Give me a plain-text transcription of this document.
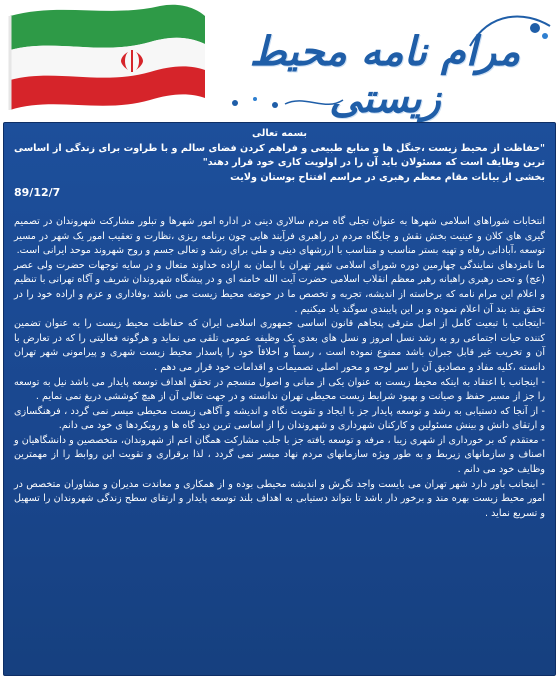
مرام نامه محیط زیستی
بسمه تعالی
"حفاظت از محیط زیست ،جنگل ها و منابع طبیعی و فراهم کردن فضای سالم و با طراوت برای زندگی از اساسی ترین وظایف است که مسئولان باید آن را در اولویت کاری خود قرار دهند"
بخشی از بیانات مقام معظم رهبری در مراسم افتتاح بوستان ولایت
89/12/7
انتخابات شوراهای اسلامی شهرها به عنوان تجلی گاه مردم سالاری دینی در اداره امور شهرها و تبلور مشارکت شهروندان در تصمیم گیری های کلان و عینیت بخش نقش و جایگاه مردم در راهبری فرآیند هایی چون برنامه ریزی ،نظارت و تعقیب امور یک شهر در مسیر توسعه ،آبادانی رفاه و تهیه بستر مناسب و متناسب با ارزشهای دینی و ملی برای رشد و تعالی جسم و روح شهروند موحد ایرانی است.
ما نامزدهای نمایندگی چهارمین دوره شورای اسلامی شهر تهران با ایمان به اراده خداوند متعال و در سایه توجهات حضرت ولی عصر (عج) و تحت رهبری راهبانه رهبر معظم انقلاب اسلامی حضرت آیت الله خامنه ای و در پیشگاه شهروندان شریف و آگاه تهرانی با تنظیم و اعلام این مرام نامه که برخاسته از اندیشه، تجربه و تخصص ما در حوضه محیط زیست می باشد ،وفاداری و عزم و اراده خود را در تحقق بند بند آن اعلام نموده و بر این پایبندی سوگند یاد میکنیم .
-ایتجانب با تبعیت کامل از اصل مترقی پنجاهم قانون اساسی جمهوری اسلامی ایران که حفاظت محیط زیست را به عنوان تضمین کننده حیات اجتماعی رو به رشد نسل امروز و نسل های بعدی یک وظیفه عمومی تلقی می نماید و هرگونه فعالیتی را که در تعارض با آن و تخریب غیر قابل جبران باشد ممنوع نموده است ، رسماً و اخلاقاً خود را پاسدار محیط زیست شهری و پیرامونی شهر تهران دانسته ،کلیه مفاد و مصادیق آن را سر لوحه و محور اصلی تصمیمات و اقدامات خود قرار می دهم .
- اینجانب با اعتقاد به اینکه محیط زیست به عنوان یکی از مبانی و اصول منسجم در تحقق اهداف توسعه پایدار می باشد نیل به توسعه را جز از مسیر حفظ و صیانت و بهبود شرایط زیست محیطی تهران ندانسته و در جهت تعالی آن از هیچ کوششی دریغ نمی نمایم .
- از آنجا که دستیابی به رشد و توسعه پایدار جز با ایجاد و تقویت نگاه و اندیشه و آگاهی زیست محیطی میسر نمی گردد ، فرهنگسازی و ارتقای دانش و بینش مسئولین و کارکنان شهرداری و شهروندان را از اساسی ترین دید گاه ها و رویکردها ی خود می دانم.
- معتقدم که بر خورداری از شهری زیبا ، مرفه و توسعه یافته جز با جلب مشارکت همگان اعم از شهروندان، متخصصین و دانشگاهیان و اصناف و سازمانهای زیربط و به طور ویژه سازمانهای مردم نهاد میسر نمی گردد ، لذا برقراری و تقویت این روابط را از مهمترین وظایف خود می دانم .
- اینجانب باور دارد شهر تهران می بایست واجد نگرش و اندیشه محیطی بوده و از همکاری و معاندت مدیران و مشاوران متخصص در امور محیط زیست بهره مند و برخور دار باشد تا بتواند دستیابی به اهداف بلند توسعه پایدار و ارتقای سطح زندگی شهروندان را تسهیل و تسریع نماید .
